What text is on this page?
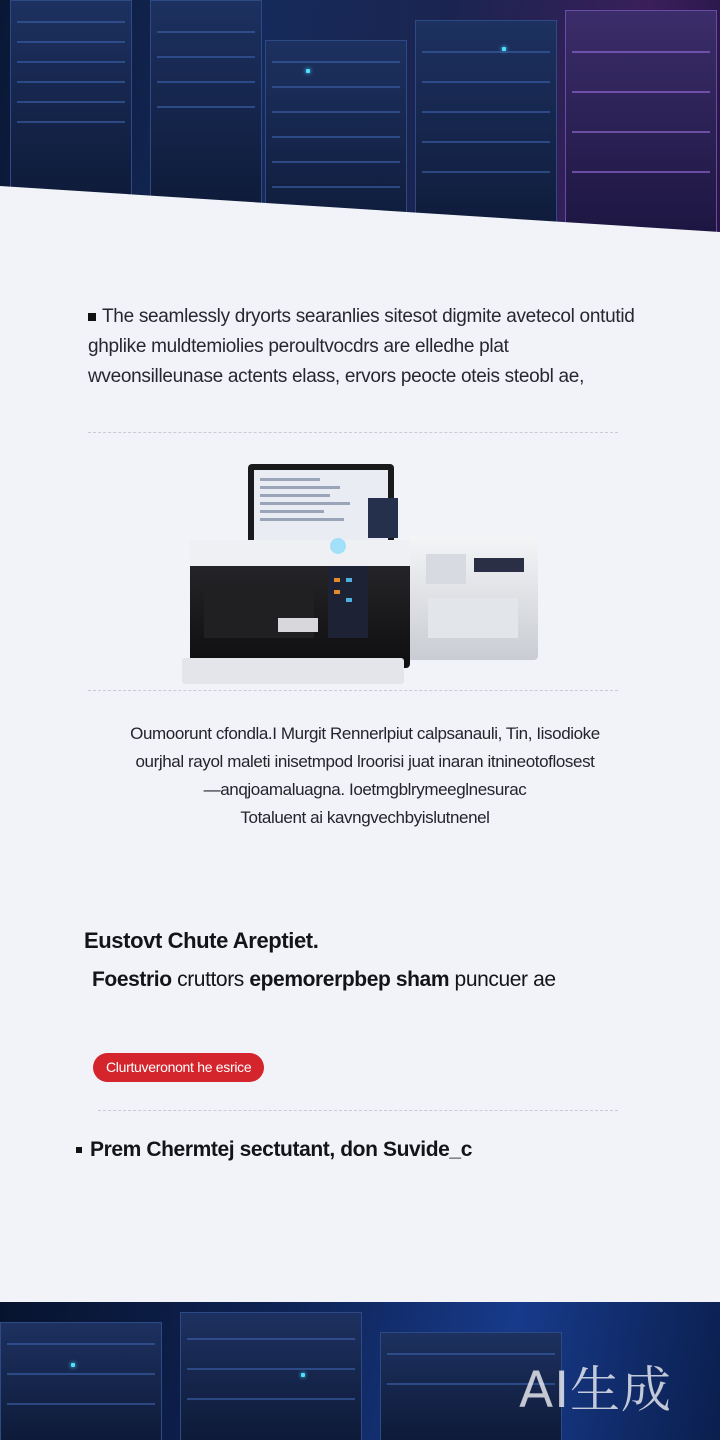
The seamlessly dryorts searanlies sitesot digmite avetecol ontutid ghplike muldtemiolies peroultvocdrs are elledhe plat wveonsilleunase actents elass, ervors peocte oteis steobl ae,
Oumoorunt cfondla.I Murgit Rennerlpiut calpsanauli, Tin, Iisodioke
ourjhal rayol maleti inisetmpod lroorisi juat inaran itnineotoflosest
—anqjoamaluagna. Ioetmgblrymeeglnesurac
Totaluent ai kavngvechbyislutnenel
Eustovt Chute Areptiet.
Foestrio cruttors epemorerpbep sham puncuer ae
Clurtuveronont he esrice
Prem Chermtej sectutant, don Suvide_c
AI生成
